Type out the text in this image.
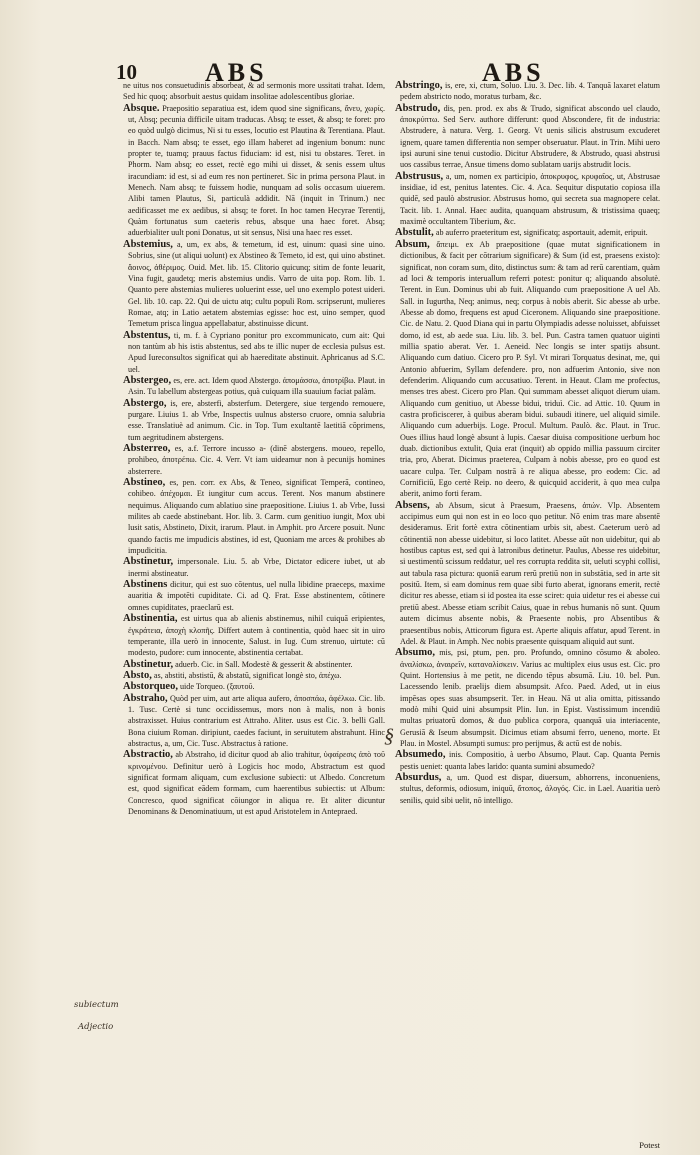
10	ABS	ABS

ne uitus nos consuetudinis absorbeat, & ad sermonis more ussitati trahat. Idem, Sed hic quoq; absorbuit aestus quidam insolitae adolescentibus gloriae.

Absque. Praepositio separatiua est, idem quod sine significans, ἄνευ, χωρίς. ut, Absq; pecunia difficile uitam traducas. Absq; te esset, & absq; te foret: pro eo quòd uulgò dicimus, Ni si tu esses, locutio est Plautina & Terentiana. Plaut. in Bacch. Nam absq; te esset, ego illam haberet ad ingenium bonum: nunc propter te, tuamq; prauus factus fiduciam: id est, nisi tu obstares. Teret. in Phorm. Nam absq; eo esset, rectè ego mihi ui disset, & senis essem ultus iracundiam: id est, si ad eum res non pertineret. Sic in prima persona Plaut. in Menech. Nam absq; te fuissem hodie, nunquam ad solis occasum uiuerem. Alibi tamen Plautus, Si, particulà addidit. Nā (inquit in Trinum.) nec aedificasset me ex aedibus, si absq; te foret. In hoc tamen Hecyrae Terentij, Quàm fortunatus sum caeteris rebus, absque una haec foret. Absq; aduerbialiter uult poni Donatus, ut sit sensus, Nisi una haec res esset.

Abstemius, a, um, ex abs, & temetum, id est, uinum: quasi sine uino. Sobrius, sine (ut aliqui uolunt) ex Abstineo & Temeto, id est, qui uino abstinet. ἄοινος, ἀθέριμος. Ouid. Met. lib. 15. Clitorio quicunq; sitim de fonte leuarit, Vina fugit, gaudetq; meris abstemius undis. Varro de uita pop. Rom. lib. 1. Quanto pere abstemias mulieres uoluerint esse, uel uno exemplo potest uideri. Gel. lib. 10. cap. 22. Qui de uictu atq; cultu populi Rom. scripserunt, mulieres Romae, atq; in Latio aetatem abstemias egisse: hoc est, uino semper, quod Temetum prisca lingua appellabatur, abstinuisse dicunt.

Abstentus, ti, m. f. à Cypriano ponitur pro excommunicato, cum ait: Qui non tantùm ab his istis abstentus, sed abs te illic nuper de ecclesia pulsus est. Apud Iureconsultos significat qui ab haereditate abstinuit. Aphricanus ad S.C. uel.

Abstergeo, es, ere. act. Idem quod Abstergo. ἀπομάσσω, ἀποτρίβω. Plaut. in Asin. Tu labellum abstergeas potius, quà cuiquam illa suauium faciat palàm.

Abstergo, is, ere, absterfi, absterfum. Detergere, siue tergendo remouere, purgare. Liuius 1. ab Vrbe, Inspectis uulnus absterso cruore, omnia salubria esse. Translatiuè ad animum. Cic. in Top. Tum exultantē laetitiā cōprimens, tum aegritudinem abstergens.

Absterreo, es, a.f. Terrore incusso a- (dinē abstergens. moueo, repello, prohibeo, ἀποτρέπω. Cic. 4. Verr. Vt iam uideamur non à pecunijs homines absterrere.

Abstineo, es, pen. corr. ex Abs, & Teneo, significat Temperā, contineo, cohibeo. ἀπέχομαι. Et iungitur cum accus. Terent. Nos manum abstinere nequimus. Aliquando cum ablatiuo sine praepositione. Liuius 1. ab Vrbe, Iussi milites ab caede abstinebant. Hor. lib. 3. Carm. cum genitiuo iungit, Mox ubi lusit satis, Abstineto, Dixit, irarum. Plaut. in Amphit. pro Arcere posuit. Nunc quando factis me impudicis abstines, id est, Quoniam me arces & prohibes ab impudicitia.

Abstinetur, impersonale. Liu. 5. ab Vrbe, Dictator edicere iubet, ut ab inermi abstineatur.

Abstinens dicitur, qui est suo cōtentus, uel nulla libidine praeceps, maxime auaritia & impotēti cupiditate. Ci. ad Q. Frat. Esse abstinentem, cōtinere omnes cupiditates, praeclarū est.

Abstinentia, est uirtus qua ab alienis abstinemus, nihil cuiquā eripientes, ἐγκράτεια, ἀποχὴ κλοπῆς. Differt autem à continentia, quòd haec sit in uiro temperante, illa uerò in innocente, Salust. in Iug. Cum strenuo, uirtute: cū modesto, pudore: cum innocente, abstinentia certabat.

Abstinetur, aduerb. Cic. in Sall. Modestè & gesserit & abstinenter.

Absto, as, abstiti, abstistū, & abstatū, significat longè sto, ἀπέχω.

Abstorqueo, uide Torqueo. (ξαυτοῦ.

Abstraho, Quòd per uim, aut arte aliqua aufero, ἀποσπάω, ἀφέλκω. Cic. lib. 1. Tusc. Certè si tunc occidissemus, mors non à malis, non à bonis abstraxisset. Huius contrarium est Attraho. Aliter. usus est Cic. 3. belli Gall. Bona ciuium Roman. diripiunt, caedes faciunt, in seruitutem abstrahunt. Hinc abstractus, a, um, Cic. Tusc. Abstractus à ratione.

Abstractio, ab Abstraho, id dicitur quod ab alio trahitur, ὑφαίρεσις ἀπὸ τοῦ κρινομένου. Definitur uerò à Logicis hoc modo, Abstractum est quod significat formam aliquam, cum exclusione subiecti: ut Albedo. Concretum est, quod significat eādem formam, cum haerentibus subiectis: ut Album: Concresco, quod significat cōiungor in aliqua re. Et aliter dicuntur Denominans & Denominatiuum, ut est apud Aristotelem in Antepraed.

Abstringo, is, ere, xi, ctum, Soluo. Liu. 3. Dec. lib. 4. Tanquā laxaret elatum pedem abstricto nodo, moratus turbam, &c.

Abstrudo, dis, pen. prod. ex abs & Trudo, significat abscondo uel claudo, ἀποκρύπτω. Sed Serv. authore differunt: quod Abscondere, fit de industria: Abstrudere, à natura. Verg. 1. Georg. Vt uenis silicis abstrusum excuderet ignem, quare tamen differentia non semper obseruatur. Plaut. in Trin. Mihi uero ipsi auruni sine tenui custodio. Dicitur Abstrudere, & Abstrudo, quasi abstrusi uos cassibus terrae, Ansue timens domo sublatam uarijs abstrudit locis.

Abstrusus, a, um, nomen ex participio, ἀποκρυφος, κρυφαῖος, ut, Abstrusae insidiae, id est, penitus latentes. Cic. 4. Aca. Sequitur disputatio copiosa illa quidē, sed paulò abstrusior. Abstrusus homo, qui secreta sua magnopere celat. Tacit. lib. 1. Annal. Haec audita, quanquam abstrusum, & tristissima quaeq; maximè occultantem Tiberium, &c.

Abstulit, ab auferro praeteritum est, significatq; asportauit, ademit, eripuit.

Absum, ἄπειμι. ex Ab praepositione (quae mutat significationem in dictionibus, & facit per cōtrarium significare) & Sum (id est, praesens existo): significat, non coram sum, dito, distinctus sum: & tam ad rerū carentiam, quàm ad loci & temporis interuallum referri potest: ponitur q; aliquando absolutè. Terent. in Eun. Dominus ubi ab fuit. Aliquando cum praepositione A uel Ab. Sall. in Iugurtha, Neq; animus, neq; corpus à nobis aberit. Sic abesse ab urbe. Abesse ab domo, frequens est apud Ciceronem. Aliquando sine praepositione. Cic. de Natu. 2. Quod Diana qui in partu Olympiadis adesse noluisset, abfuisset domo, id est, ab aede sua. Liu. lib. 3. bel. Pun. Castra tamen quatuor uiginti millia spatio aberat. Ver. 1. Aeneid. Nec longis se inter spatijs absunt. Aliquando cum datiuo. Cicero pro P. Syl. Vt mirari Torquatus desinat, me, qui Antonio abfuerim, Syllam defendere. pro, non adfuerim Antonio, sive non defenderim. Aliquando cum accusatiuo. Terent. in Heaut. Clam me profectus, menses tres abest. Cicero pro Plan. Qui summam abesset aliquot dierum uiam. Aliquando cum genitiuo, ut Abesse bidui, triduì. Cic. ad Attic. 10. Quum in castra proficiscerer, à quibus aberam bidui. subaudi itinere, uel aliquid simile. Aliquando cum aduerbijs. Loge. Procul. Multum. Paulò. &c. Plaut. in Truc. Oues illius haud longè absunt à lupis. Caesar diuisa compositione uerbum hoc duab. dictionibus extulit, Quia erat (inquit) ab oppido millia passuum circiter tria, pro, Aberat. Dicimus praeterea, Culpam à nobis abesse, pro eo quod est uacare culpa. Ter. Culpam nostrā à re aliqua abesse, pro eodem: Cic. ad Cornificiū, Ego certè Reip. no deero, & quicquid acciderit, à quo mea culpa aberit, animo forti feram.

Absens, ab Absum, sicut à Praesum, Praesens, ἀπών. Vlp. Absentem accipimus eum qui non est in eo loco quo petitur. Nō enim tras mare absentē desideramus. Erit fortè extra cōtinentiam urbis sit, abest. Caeterum uerò ad cōtinentiā non abesse uidebitur, si loco latitet. Abesse aūt non uidebitur, qui ab hostibus captus est, sed qui à latronibus detinetur. Paulus, Abesse res uidebitur, si uestimentū scissum reddatur, uel res corrupta reddita sit, ueluti scyphi collisi, aut tabula rasa pictura: quoniā earum rerū pretiū non in substātia, sed in arte sit positū. Item, si eam dominus rem quae sibi furto aberat, ignorans emerit, rectè dicitur res abesse, etiam si id postea ita esse sciret: quia uidetur res ei abesse cui pretiū abest. Abesse etiam scribit Caius, quae in rebus humanis nō sunt. Quum autem dicimus absente nobis, & Praesente nobis, pro Absentibus & praesentibus nobis, Atticorum figura est. Aperte aliquis affatur, apud Terent. in Adel. & Plaut. in Amph. Nec nobis praesente quisquam aliquid aut sunt.

Absumo, mis, psi, ptum, pen. pro. Profundo, omnino cōsumo & aboleo. ἀναλίσκω, ἀναιρεῖν, καταναλίσκειν. Varius ac multiplex eius usus est. Cic. pro Quint. Hortensius à me petit, ne dicendo tēpus absumā. Liu. 10. bel. Pun. Lacessendo lenib. praelijs diem absumpsit. Afco. Paed. Aded, ut in eius impēsas opes suas absumpserit. Ter. in Heau. Nā ut alia omitta, pitissando modò mihi Quid uini absumpsit Plin. Iun. in Epist. Vastissimum incendiū multas priuatorū domos, & duo publica corpora, quanquā uia interiacente, Gerusiā & Iseum absumpsit. Dicimus etiam absumi ferro, ueneno, morte. Et Plau. in Mostel. Absumpti sumus: pro perijmus, & actū est de nobis.

Absumedo, inis. Compositio, à uerbo Absumo, Plaut. Cap. Quanta Pernis pestis ueniet: quanta labes larido: quanta sumini absumedo?

Absurdus, a, um. Quod est dispar, diuersum, abhorrens, inconueniens, stultus, deformis, odiosum, iniquū, ἄτοπος, ἀλογός. Cic. in Lael. Auaritia uerò senilis, quid sibi uelit, nō intelligo.

subiectum
Adjectio
§
Potest
